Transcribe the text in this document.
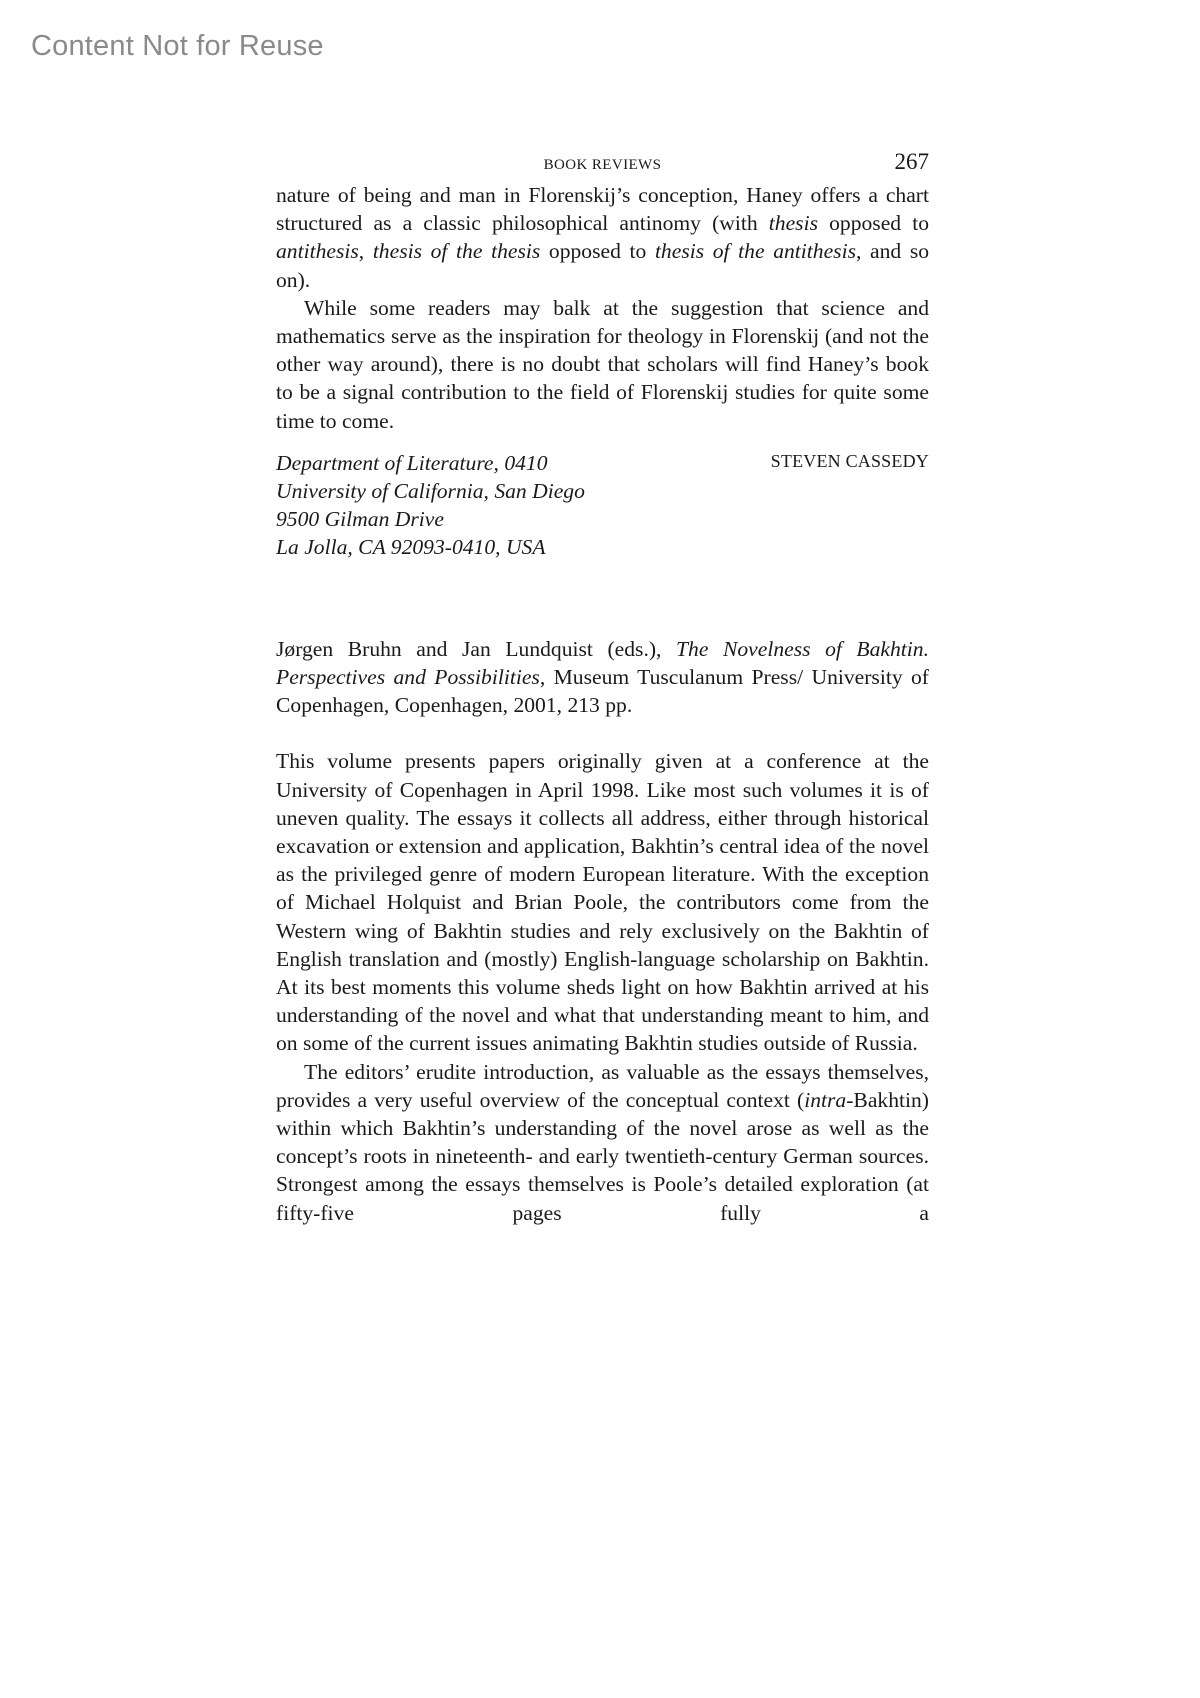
Content Not for Reuse
BOOK REVIEWS	267

nature of being and man in Florenskij’s conception, Haney offers a chart structured as a classic philosophical antinomy (with thesis opposed to antithesis, thesis of the thesis opposed to thesis of the antithesis, and so on).

While some readers may balk at the suggestion that science and mathematics serve as the inspiration for theology in Florenskij (and not the other way around), there is no doubt that scholars will find Haney’s book to be a signal contribution to the field of Florenskij studies for quite some time to come.

Department of Literature, 0410
University of California, San Diego
9500 Gilman Drive
La Jolla, CA 92093-0410, USA
STEVEN CASSEDY

Jørgen Bruhn and Jan Lundquist (eds.), The Novelness of Bakhtin. Perspectives and Possibilities, Museum Tusculanum Press/ University of Copenhagen, Copenhagen, 2001, 213 pp.

This volume presents papers originally given at a conference at the University of Copenhagen in April 1998. Like most such volumes it is of uneven quality. The essays it collects all address, either through historical excavation or extension and application, Bakhtin’s central idea of the novel as the privileged genre of modern European literature. With the exception of Michael Holquist and Brian Poole, the contributors come from the Western wing of Bakhtin studies and rely exclusively on the Bakhtin of English translation and (mostly) English-language scholarship on Bakhtin. At its best moments this volume sheds light on how Bakhtin arrived at his understanding of the novel and what that understanding meant to him, and on some of the current issues animating Bakhtin studies outside of Russia.

The editors’ erudite introduction, as valuable as the essays themselves, provides a very useful overview of the conceptual context (intra-Bakhtin) within which Bakhtin’s understanding of the novel arose as well as the concept’s roots in nineteenth- and early twentieth-century German sources. Strongest among the essays themselves is Poole’s detailed exploration (at fifty-five pages fully a
